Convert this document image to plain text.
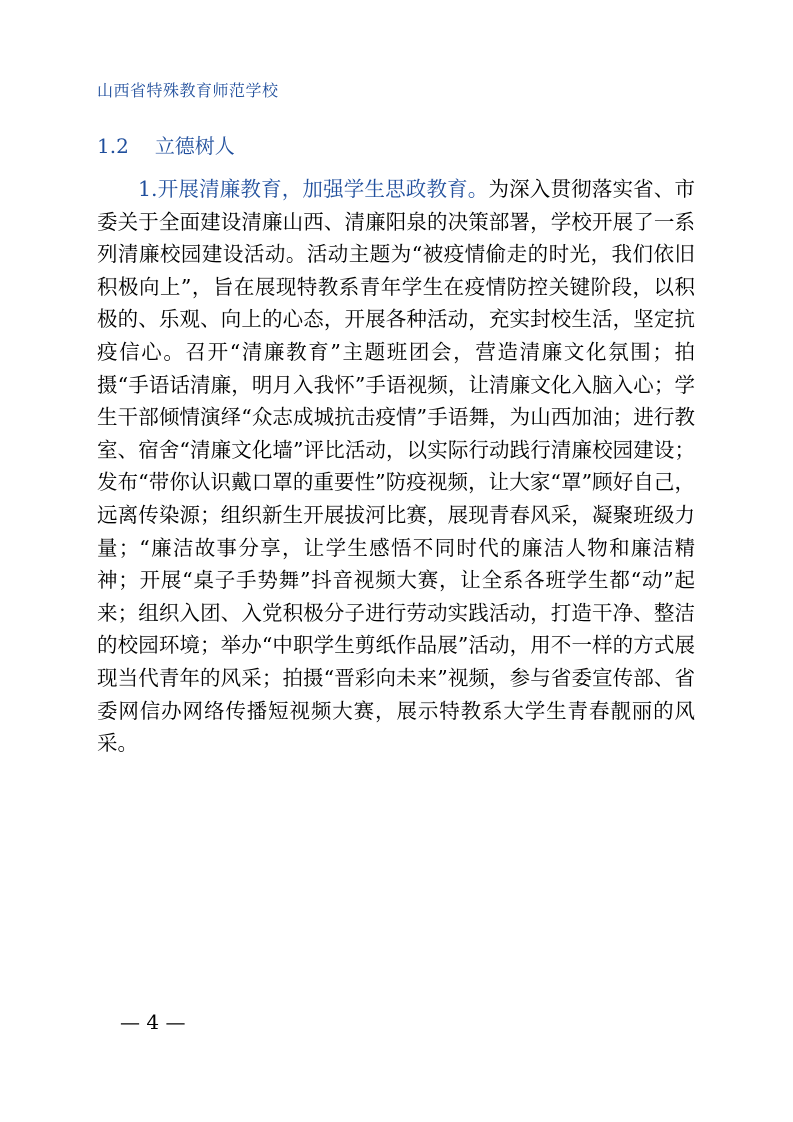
山西省特殊教育师范学校
1.2 立德树人

1.开展清廉教育，加强学生思政教育。为深入贯彻落实省、市委关于全面建设清廉山西、清廉阳泉的决策部署，学校开展了一系列清廉校园建设活动。活动主题为“被疫情偷走的时光，我们依旧积极向上”，旨在展现特教系青年学生在疫情防控关键阶段，以积极的、乐观、向上的心态，开展各种活动，充实封校生活，坚定抗疫信心。召开“清廉教育”主题班团会，营造清廉文化氛围；拍摄“手语话清廉，明月入我怀”手语视频，让清廉文化入脑入心；学生干部倾情演绎“众志成城抗击疫情”手语舞，为山西加油；进行教室、宿舍“清廉文化墙”评比活动，以实际行动践行清廉校园建设；发布“带你认识戴口罩的重要性”防疫视频，让大家“罩”顾好自己，远离传染源；组织新生开展拔河比赛，展现青春风采，凝聚班级力量；“廉洁故事分享，让学生感悟不同时代的廉洁人物和廉洁精神；开展“桌子手势舞”抖音视频大赛，让全系各班学生都“动”起来；组织入团、入党积极分子进行劳动实践活动，打造干净、整洁的校园环境；举办“中职学生剪纸作品展”活动，用不一样的方式展现当代青年的风采；拍摄“晋彩向未来”视频，参与省委宣传部、省委网信办网络传播短视频大赛，展示特教系大学生青春靓丽的风采。

— 4 —
